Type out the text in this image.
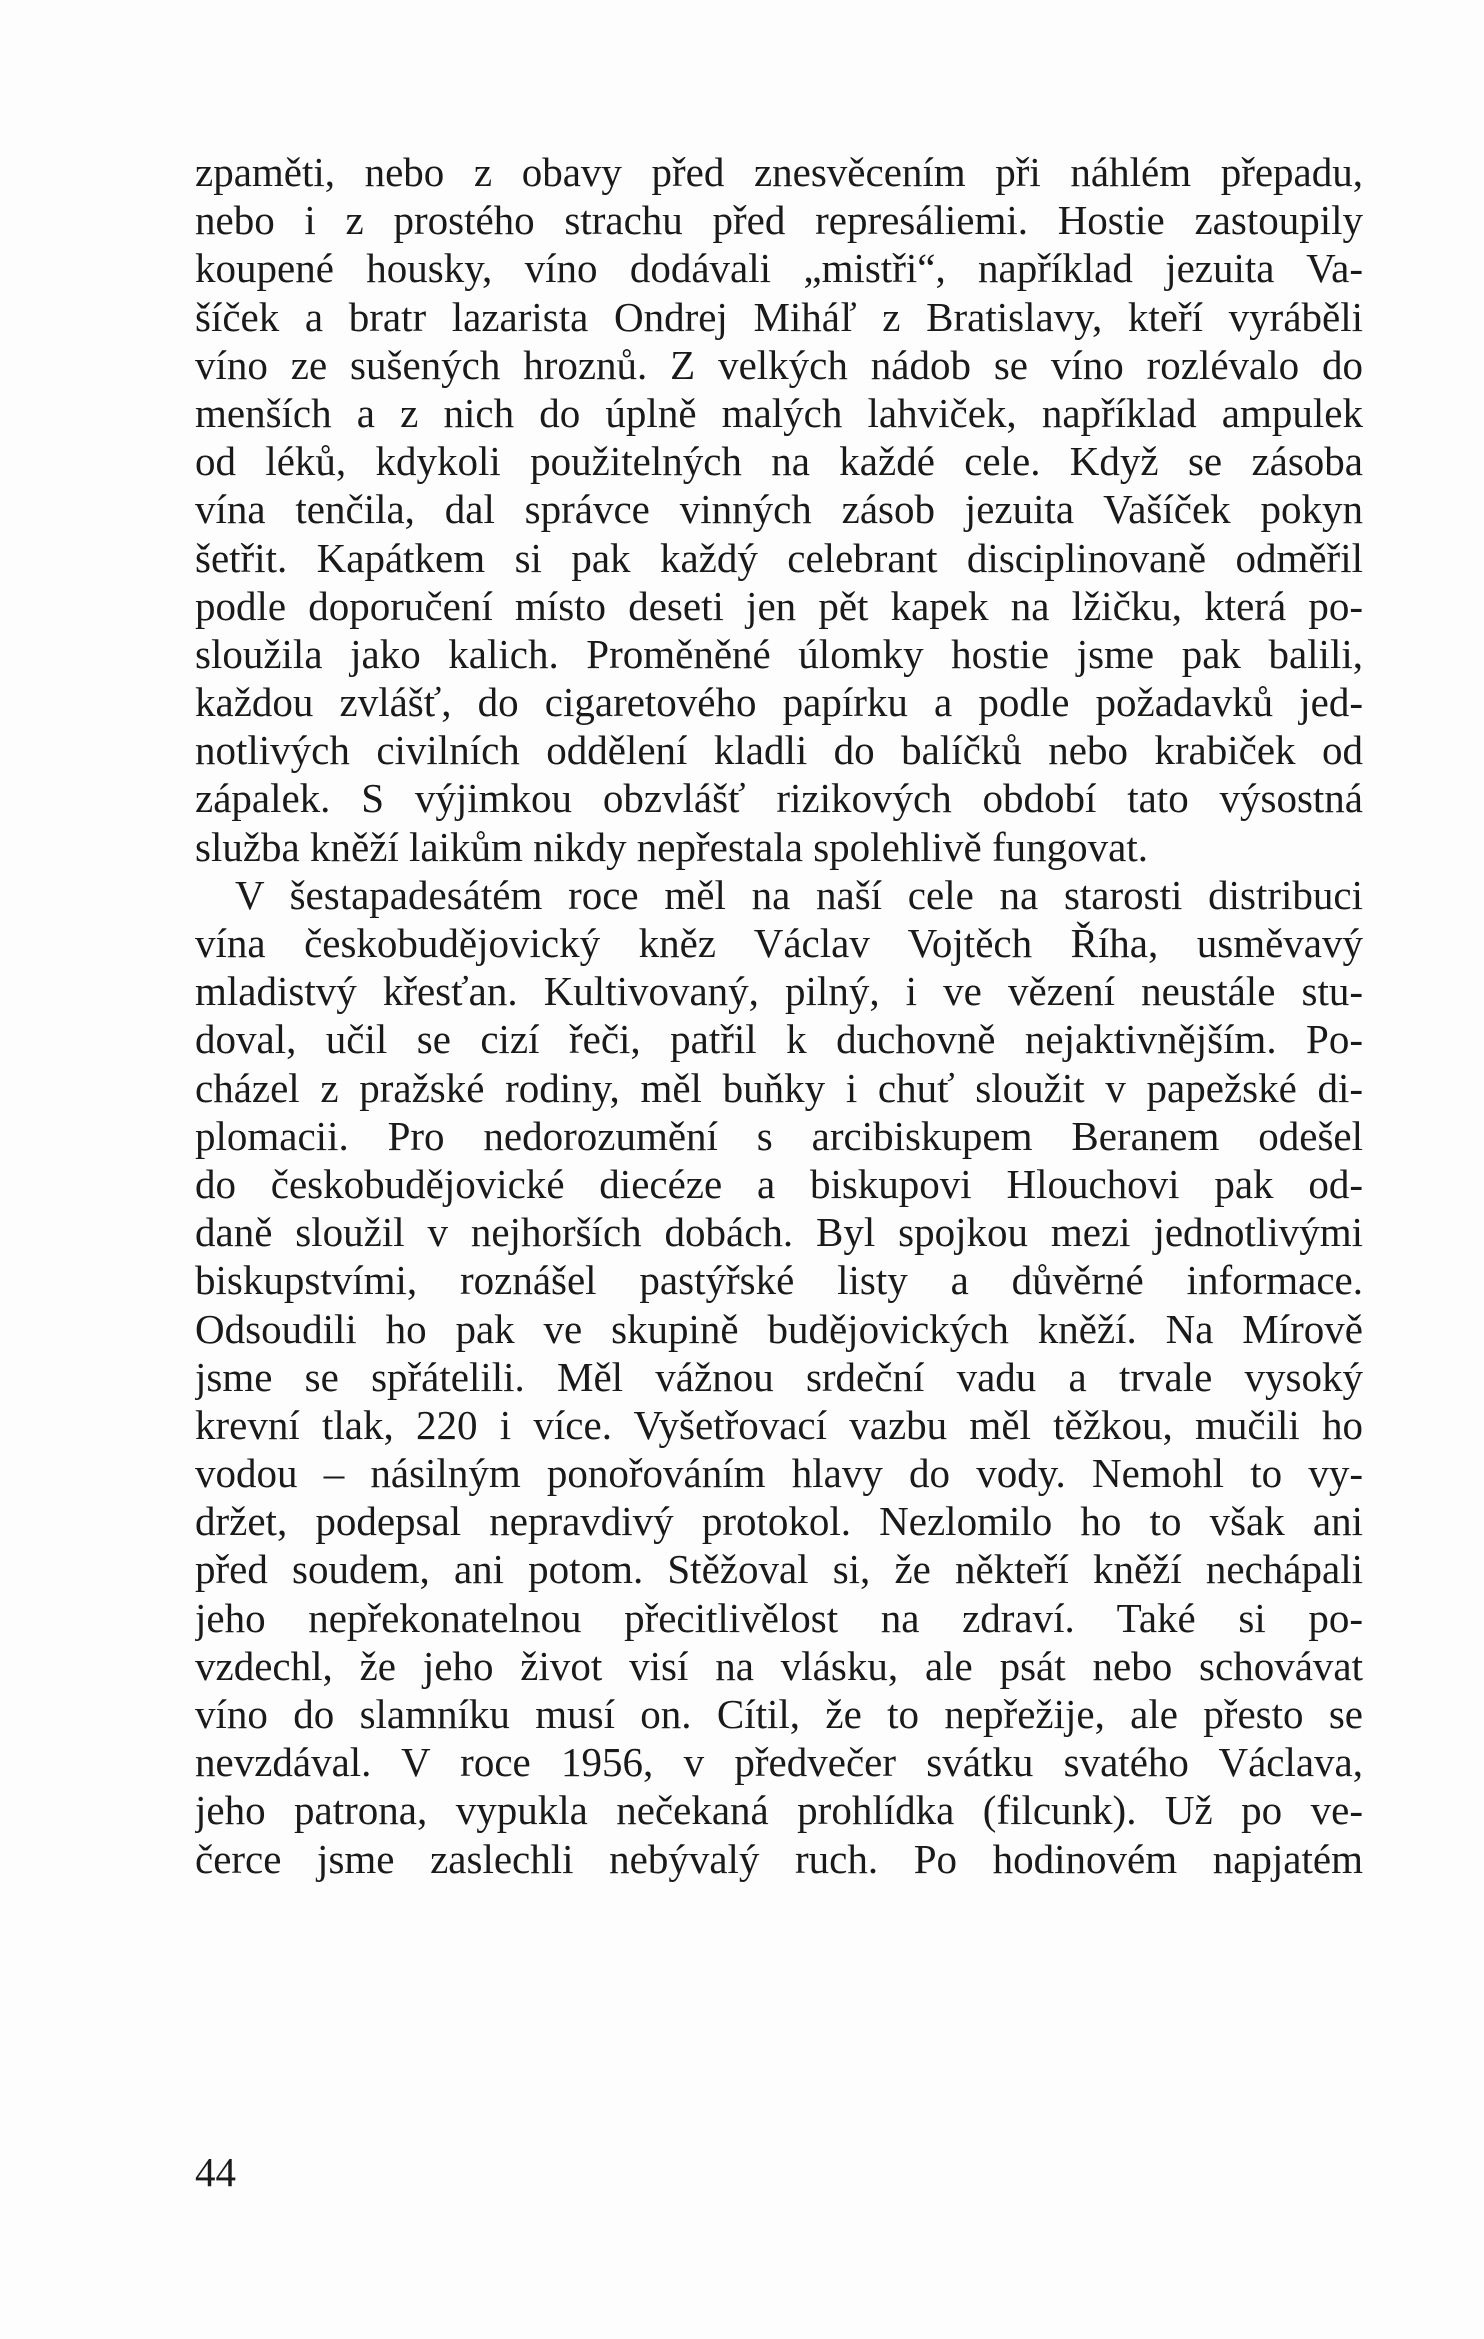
zpaměti, nebo z obavy před znesvěcením při náhlém přepadu,
nebo i z prostého strachu před represáliemi. Hostie zastoupily
koupené housky, víno dodávali „mistři“, například jezuita Va-
šíček a bratr lazarista Ondrej Miháľ z Bratislavy, kteří vyráběli
víno ze sušených hroznů. Z velkých nádob se víno rozlévalo do
menších a z nich do úplně malých lahviček, například ampulek
od léků, kdykoli použitelných na každé cele. Když se zásoba
vína tenčila, dal správce vinných zásob jezuita Vašíček pokyn
šetřit. Kapátkem si pak každý celebrant disciplinovaně odměřil
podle doporučení místo deseti jen pět kapek na lžičku, která po-
sloužila jako kalich. Proměněné úlomky hostie jsme pak balili,
každou zvlášť, do cigaretového papírku a podle požadavků jed-
notlivých civilních oddělení kladli do balíčků nebo krabiček od
zápalek. S výjimkou obzvlášť rizikových období tato výsostná
služba kněží laikům nikdy nepřestala spolehlivě fungovat.
V šestapadesátém roce měl na naší cele na starosti distribuci
vína českobudějovický kněz Václav Vojtěch Říha, usměvavý
mladistvý křesťan. Kultivovaný, pilný, i ve vězení neustále stu-
doval, učil se cizí řeči, patřil k duchovně nejaktivnějším. Po-
cházel z pražské rodiny, měl buňky i chuť sloužit v papežské di-
plomacii. Pro nedorozumění s arcibiskupem Beranem odešel
do českobudějovické diecéze a biskupovi Hlouchovi pak od-
daně sloužil v nejhorších dobách. Byl spojkou mezi jednotlivými
biskupstvími, roznášel pastýřské listy a důvěrné informace.
Odsoudili ho pak ve skupině budějovických kněží. Na Mírově
jsme se spřátelili. Měl vážnou srdeční vadu a trvale vysoký
krevní tlak, 220 i více. Vyšetřovací vazbu měl těžkou, mučili ho
vodou – násilným ponořováním hlavy do vody. Nemohl to vy-
držet, podepsal nepravdivý protokol. Nezlomilo ho to však ani
před soudem, ani potom. Stěžoval si, že někteří kněží nechápali
jeho nepřekonatelnou přecitlivělost na zdraví. Také si po-
vzdechl, že jeho život visí na vlásku, ale psát nebo schovávat
víno do slamníku musí on. Cítil, že to nepřežije, ale přesto se
nevzdával. V roce 1956, v předvečer svátku svatého Václava,
jeho patrona, vypukla nečekaná prohlídka (filcunk). Už po ve-
čerce jsme zaslechli nebývalý ruch. Po hodinovém napjatém
44
